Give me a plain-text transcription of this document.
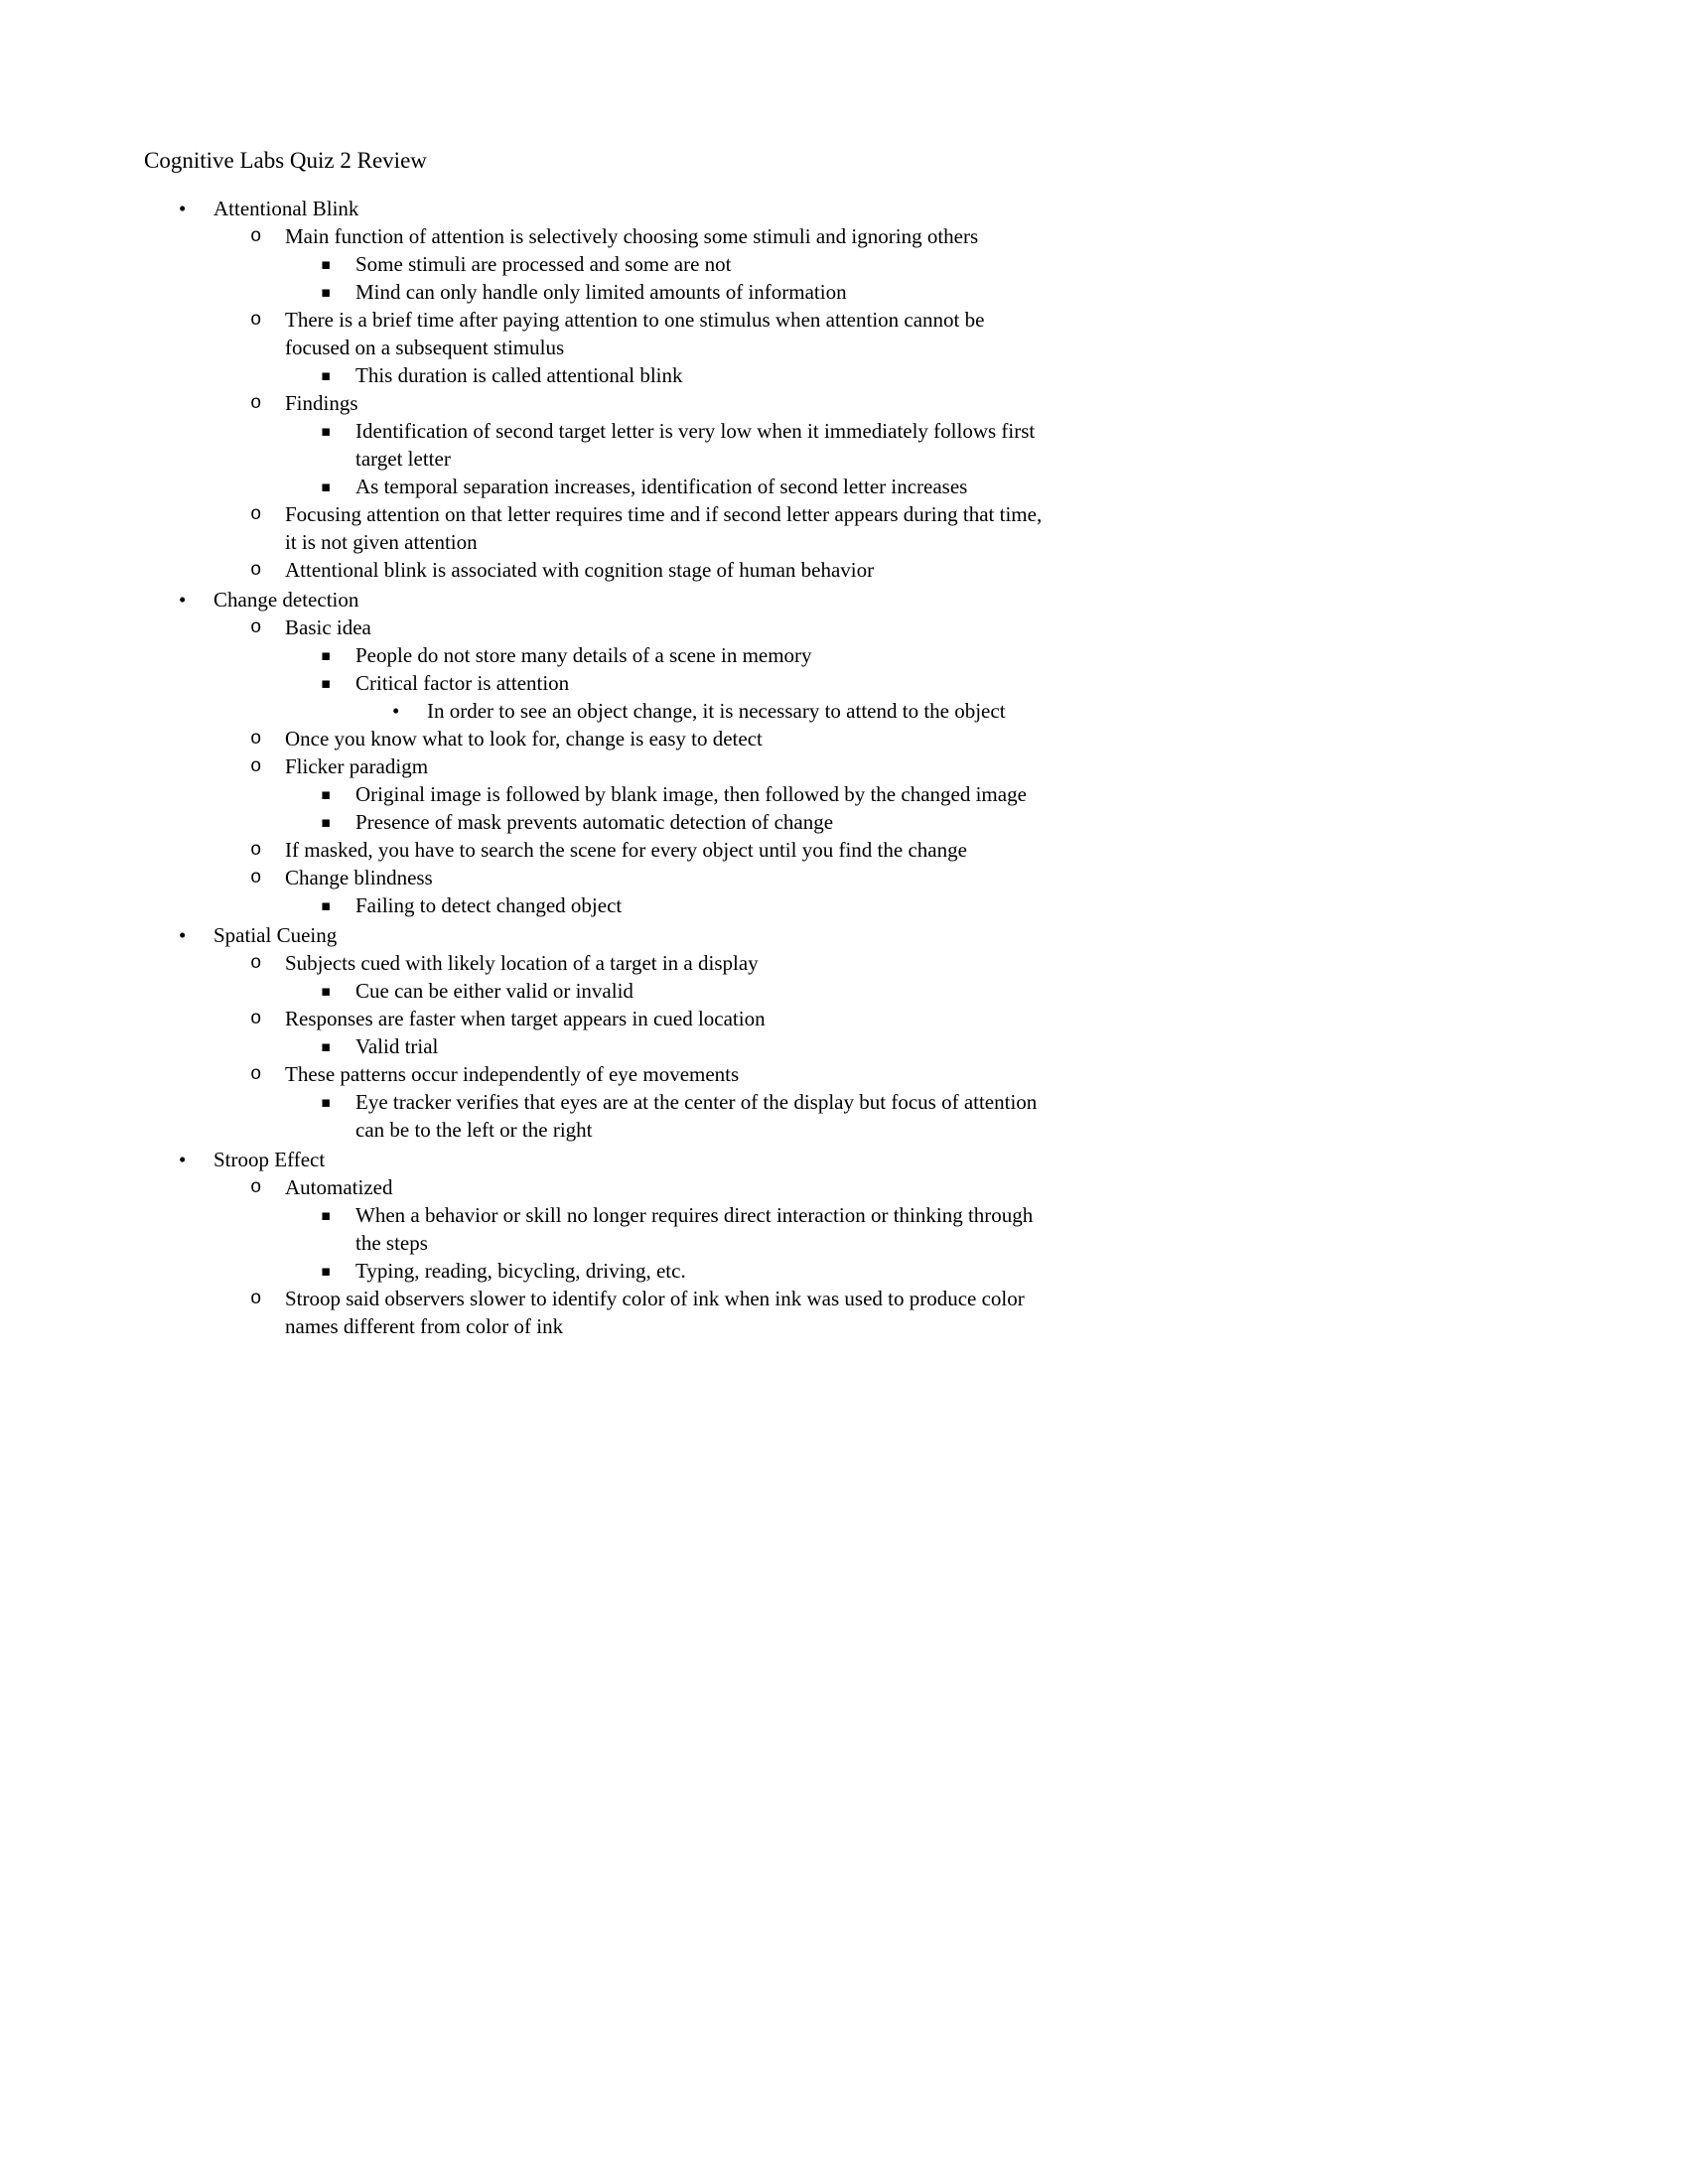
Cognitive Labs Quiz 2 Review

•	Attentional Blink
o	Main function of attention is selectively choosing some stimuli and ignoring others
▪	Some stimuli are processed and some are not
▪	Mind can only handle only limited amounts of information
o	There is a brief time after paying attention to one stimulus when attention cannot be focused on a subsequent stimulus
▪	This duration is called attentional blink
o	Findings
▪	Identification of second target letter is very low when it immediately follows first target letter
▪	As temporal separation increases, identification of second letter increases
o	Focusing attention on that letter requires time and if second letter appears during that time, it is not given attention
o	Attentional blink is associated with cognition stage of human behavior
•	Change detection
o	Basic idea
▪	People do not store many details of a scene in memory
▪	Critical factor is attention
•	In order to see an object change, it is necessary to attend to the object
o	Once you know what to look for, change is easy to detect
o	Flicker paradigm
▪	Original image is followed by blank image, then followed by the changed image
▪	Presence of mask prevents automatic detection of change
o	If masked, you have to search the scene for every object until you find the change
o	Change blindness
▪	Failing to detect changed object
•	Spatial Cueing
o	Subjects cued with likely location of a target in a display
▪	Cue can be either valid or invalid
o	Responses are faster when target appears in cued location
▪	Valid trial
o	These patterns occur independently of eye movements
▪	Eye tracker verifies that eyes are at the center of the display but focus of attention can be to the left or the right
•	Stroop Effect
o	Automatized
▪	When a behavior or skill no longer requires direct interaction or thinking through the steps
▪	Typing, reading, bicycling, driving, etc.
o	Stroop said observers slower to identify color of ink when ink was used to produce color names different from color of ink
